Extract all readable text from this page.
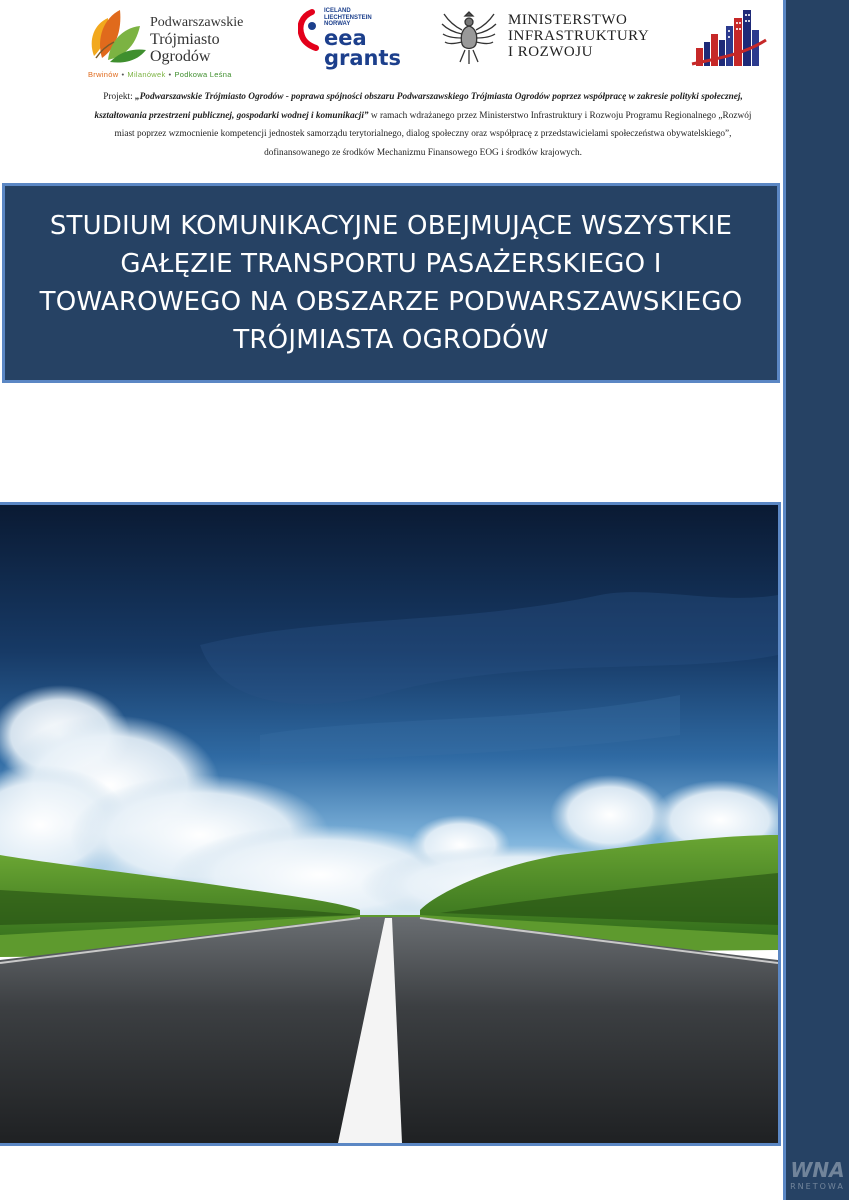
Podwarszawskie
Trójmiasto
Ogrodów
Brwinów • Milanówek • Podkowa Leśna
ICELAND
LIECHTENSTEIN
NORWAY
eea
grants
MINISTERSTWO
INFRASTRUKTURY
I ROZWOJU
Projekt: „Podwarszawskie Trójmiasto Ogrodów - poprawa spójności obszaru Podwarszawskiego Trójmiasta Ogrodów poprzez współpracę w zakresie polityki społecznej, kształtowania przestrzeni publicznej, gospodarki wodnej i komunikacji” w ramach wdrażanego przez Ministerstwo Infrastruktury i Rozwoju Programu Regionalnego „Rozwój miast poprzez wzmocnienie kompetencji jednostek samorządu terytorialnego, dialog społeczny oraz współpracę z przedstawicielami społeczeństwa obywatelskiego”, dofinansowanego ze środków Mechanizmu Finansowego EOG i środków krajowych.
STUDIUM KOMUNIKACYJNE OBEJMUJĄCE WSZYSTKIE GAŁĘZIE TRANSPORTU PASAŻERSKIEGO I TOWAROWEGO NA OBSZARZE PODWARSZAWSKIEGO TRÓJMIASTA OGRODÓW
WNA
RNETOWA
